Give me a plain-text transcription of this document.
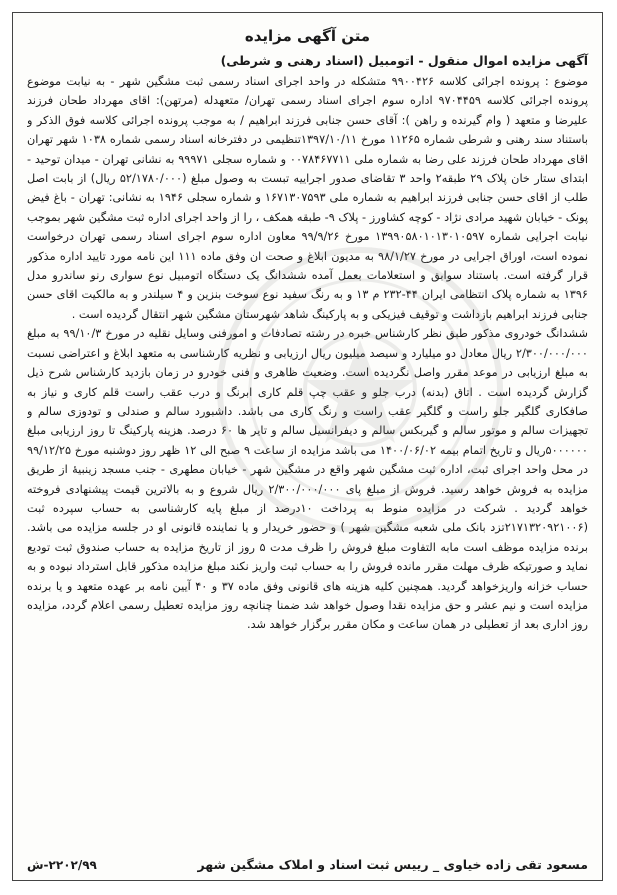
متن آگهی مزایده
آگهی مزایده اموال منقول - اتومبیل (اسناد رهنی و شرطی)

موضوع : پرونده اجرائی کلاسه ۹۹۰۰۴۲۶ متشکله در واحد اجرای اسناد رسمی ثبت مشگین شهر - به نیابت موضوع پرونده اجرائی کلاسه ۹۷۰۴۴۵۹ اداره سوم اجرای اسناد رسمی تهران/ متعهدله (مرتهن): اقای مهرداد طحان فرزند علیرضا و متعهد ( وام گیرنده و راهن ): آقای حسن جنابی فرزند ابراهیم / به موجب پرونده اجرائی کلاسه فوق الذکر و باستناد سند رهنی و شرطی شماره ۱۱۲۶۵ مورخ ۱۳۹۷/۱۰/۱۱تنظیمی در دفترخانه اسناد رسمی شماره ۱۰۳۸ شهر تهران اقای مهرداد طحان فرزند علی رضا به شماره ملی ۰۰۷۸۴۶۷۷۱۱ و شماره سجلی ۹۹۹۷۱ به نشانی تهران - میدان توحید - ابتدای ستار خان پلاک ۲۹ طبقه۲ واحد ۳ تقاضای صدور اجراییه تبست به وصول مبلغ (۵۲/۱۷۸۰/۰۰۰ ریال) از بابت اصل طلب از اقای حسن جنابی فرزند ابراهیم به شماره ملی ۱۶۷۱۳۰۷۵۹۳ و شماره سجلی ۱۹۴۶ به نشانی: تهران - باغ فیض پونک - خیابان شهید مرادی نژاد - کوچه کشاورز - پلاک ۹- طبقه همکف ، را از واحد اجرای اداره ثبت مشگین شهر بموجب نیابت اجرایی شماره ۱۳۹۹۰۵۸۰۱۰۱۳۰۱۰۵۹۷ مورخ ۹۹/۹/۲۶ معاون اداره سوم اجرای اسناد رسمی تهران درخواست نموده است، اوراق اجرایی در مورخ ۹۸/۱/۲۷ به مدیون ابلاغ و صحت ان وفق ماده ۱۱۱ این نامه مورد تایید اداره مذکور قرار گرفته است. باستناد سوابق و استعلامات بعمل آمده ششدانگ یک دستگاه اتومبیل نوع سواری رنو ساندرو مدل ۱۳۹۶ به شماره پلاک انتظامی ایران ۴۴-۲۳۲ م ۱۳ و به رنگ سفید نوع سوخت بنزین و ۴ سیلندر و به مالکیت اقای حسن جنابی فرزند ابراهیم بازداشت و توقیف فیزیکی و به پارکینگ شاهد شهرستان مشگین شهر انتقال گردیده است .

ششدانگ خودروی مذکور طبق نظر کارشناس خبره در رشته تصادفات و امورفنی وسایل نقلیه در مورخ ۹۹/۱۰/۳ به مبلغ ۲/۳۰۰/۰۰۰/۰۰۰ ریال معادل دو میلیارد و سیصد میلیون ریال ارزیابی و نظریه کارشناسی به متعهد ابلاغ و اعتراضی نسبت به مبلغ ارزیابی در موعد مقرر واصل نگردیده است. وضعیت ظاهری و فنی خودرو در زمان بازدید کارشناس شرح ذیل گزارش گردیده است . اتاق (بدنه) درب جلو و عقب چپ قلم کاری ابرنگ و درب عقب راست قلم کاری و نیاز به صافکاری گلگیر جلو راست و گلگیر عقب راست و رنگ کاری می باشد. داشبورد سالم و صندلی و تودوزی سالم و تجهیزات سالم و موتور سالم و گیربکس سالم و دیفرانسیل سالم و تایر ها ۶۰ درصد. هزینه پارکینگ تا روز ارزیابی مبلغ ۵۰۰۰۰۰۰ریال و تاریخ اتمام بیمه ۱۴۰۰/۰۶/۰۲ می باشد مزایده از ساعت ۹ صبح الی ۱۲ ظهر روز دوشنبه مورخ ۹۹/۱۲/۲۵ در محل واحد اجرای ثبت، اداره ثبت مشگین شهر واقع در مشگین شهر - خیابان مطهری - جنب مسجد زینبیهٔ از طریق مزایده به فروش خواهد رسید. فروش از مبلغ پای ۲/۳۰۰/۰۰۰/۰۰۰ ریال شروع و به بالاترین قیمت پیشنهادی فروخته خواهد گردید . شرکت در مزایده منوط به پرداخت ۱۰درصد از مبلغ پایه کارشناسی به حساب سپرده ثبت (۲۱۷۱۳۲۰۹۲۱۰۰۶تزد بانک ملی شعبه مشگین شهر ) و حضور خریدار و یا نماینده قانونی او در جلسه مزایده می باشد. برنده مزایده موظف است مابه التفاوت مبلغ فروش را ظرف مدت ۵ روز از تاریخ مزایده به حساب صندوق ثبت تودیع نماید و صورتیکه ظرف مهلت مقرر مانده فروش را به حساب ثبت واریز نکند مبلغ مزایده مذکور قابل استرداد نبوده و به حساب خزانه واریزخواهد گردید. همچنین کلیه هزینه های قانونی وفق ماده ۳۷ و ۴۰ آیین نامه بر عهده متعهد و یا برنده مزایده است و نیم عشر و حق مزایده نقدا وصول خواهد شد ضمنا چنانچه روز مزایده تعطیل رسمی اعلام گردد، مزایده روز اداری بعد از تعطیلی در همان ساعت و مکان مقرر برگزار خواهد شد.

مسعود تقی زاده خیاوی _ رییس ثبت اسناد و املاک مشگین شهر
۲۲۰۲/۹۹-ش
